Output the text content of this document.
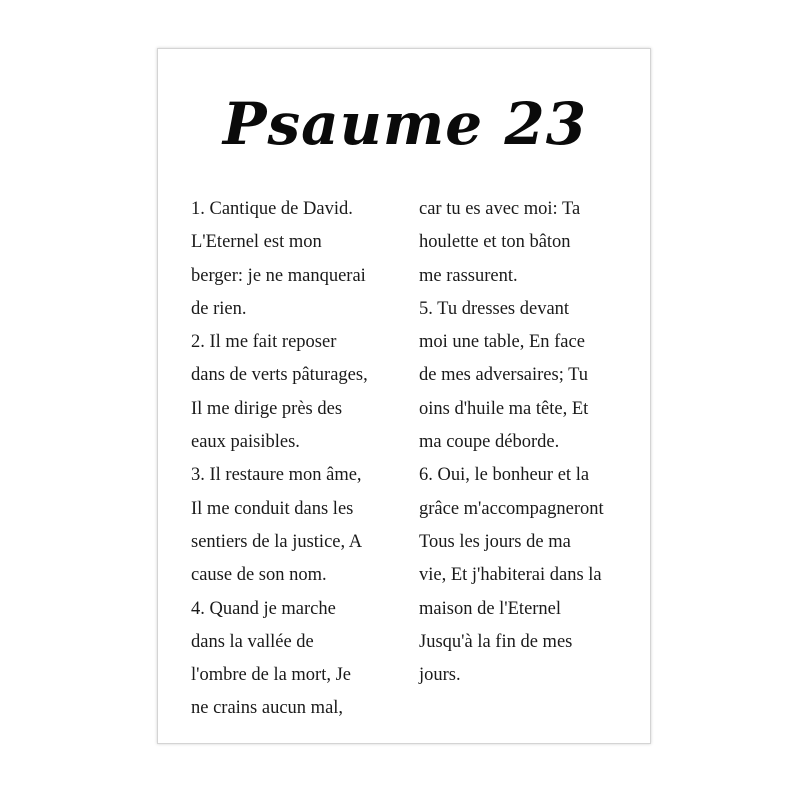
Psaume 23
1. Cantique de David.
L'Eternel est mon
berger: je ne manquerai
de rien.
2. Il me fait reposer
dans de verts pâturages,
Il me dirige près des
eaux paisibles.
3. Il restaure mon âme,
Il me conduit dans les
sentiers de la justice, A
cause de son nom.
4. Quand je marche
dans la vallée de
l'ombre de la mort, Je
ne crains aucun mal,
car tu es avec moi: Ta
houlette et ton bâton
me rassurent.
5. Tu dresses devant
moi une table, En face
de mes adversaires; Tu
oins d'huile ma tête, Et
ma coupe déborde.
6. Oui, le bonheur et la
grâce m'accompagneront
Tous les jours de ma
vie, Et j'habiterai dans la
maison de l'Eternel
Jusqu'à la fin de mes
jours.
